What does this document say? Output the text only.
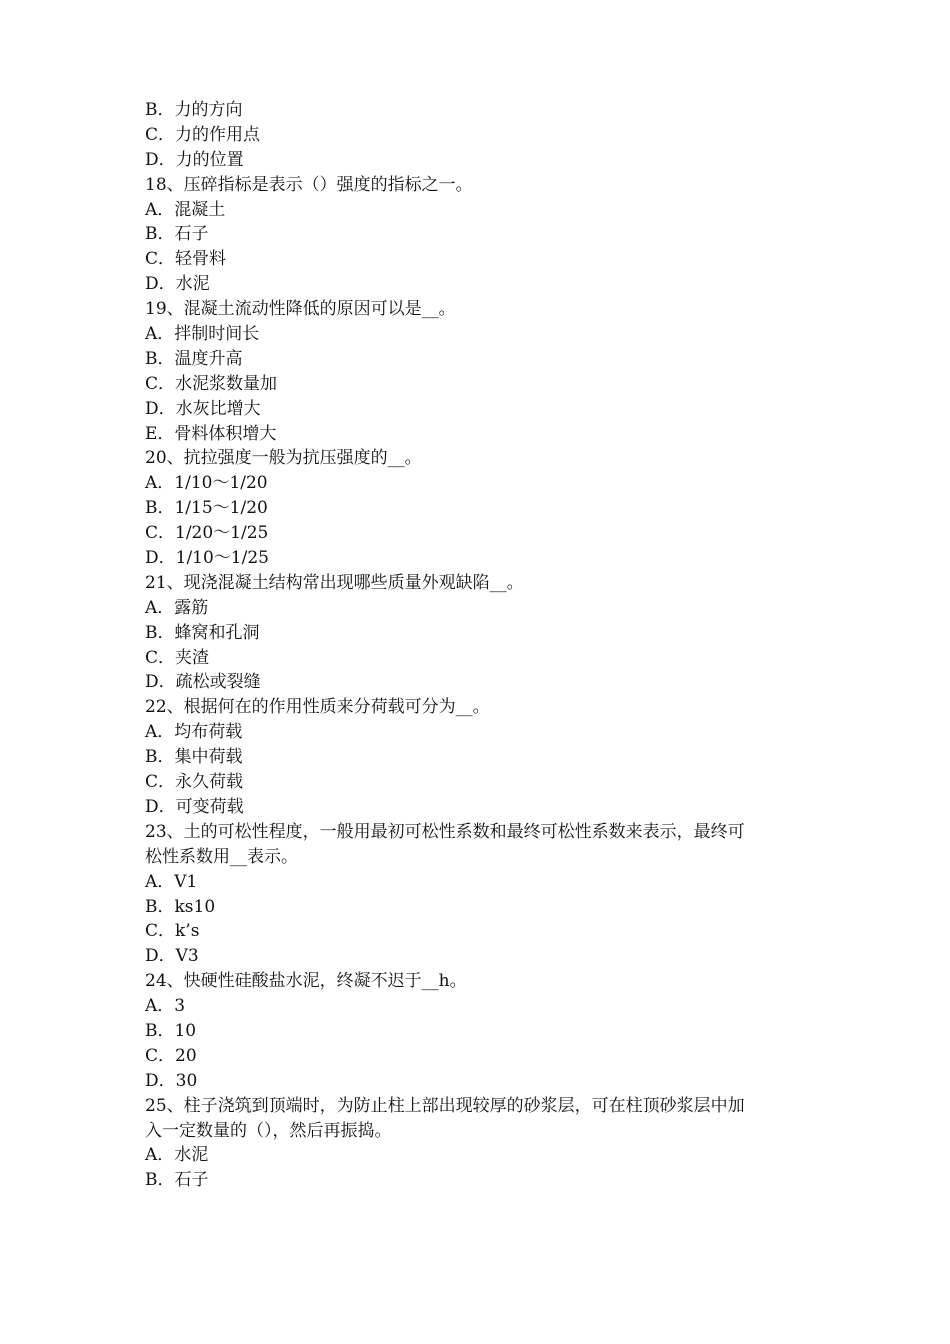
B．力的方向
C．力的作用点
D．力的位置
18、压碎指标是表示（）强度的指标之一。
A．混凝土
B．石子
C．轻骨料
D．水泥
19、混凝土流动性降低的原因可以是__。
A．拌制时间长
B．温度升高
C．水泥浆数量加
D．水灰比增大
E．骨料体积增大
20、抗拉强度一般为抗压强度的__。
A．1/10～1/20
B．1/15～1/20
C．1/20～1/25
D．1/10～1/25
21、现浇混凝土结构常出现哪些质量外观缺陷__。
A．露筋
B．蜂窝和孔洞
C．夹渣
D．疏松或裂缝
22、根据何在的作用性质来分荷载可分为__。
A．均布荷载
B．集中荷载
C．永久荷载
D．可变荷载
23、土的可松性程度，一般用最初可松性系数和最终可松性系数来表示，最终可
松性系数用__表示。
A．V1
B．ks10
C．k’s
D．V3
24、快硬性硅酸盐水泥，终凝不迟于__h。
A．3
B．10
C．20
D．30
25、柱子浇筑到顶端时，为防止柱上部出现较厚的砂浆层，可在柱顶砂浆层中加
入一定数量的（），然后再振捣。
A．水泥
B．石子
